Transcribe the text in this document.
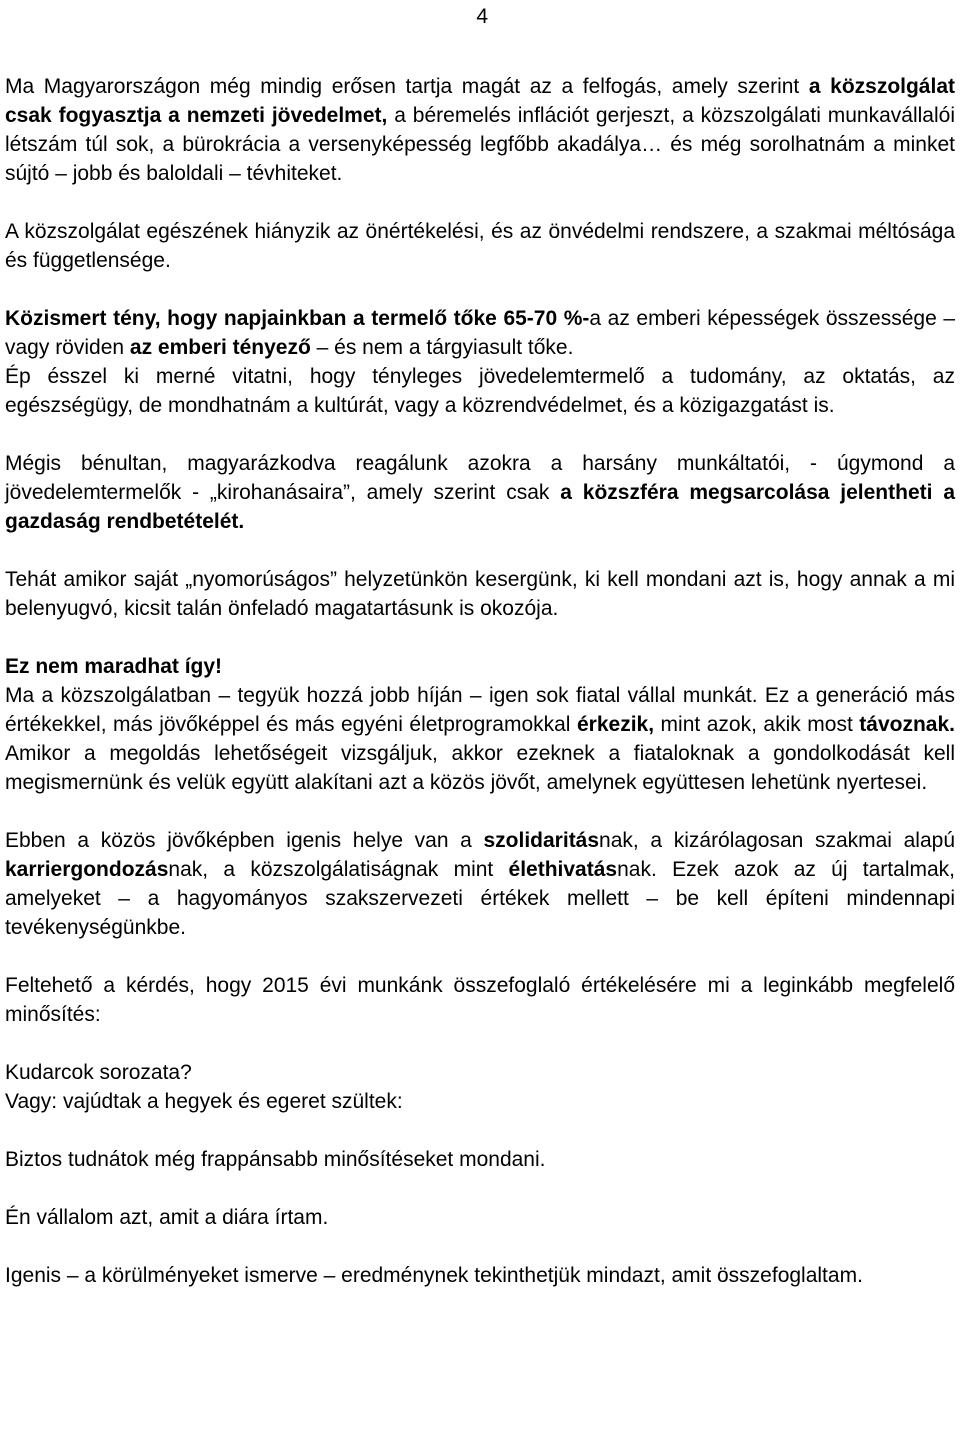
4

Ma Magyarországon még mindig erősen tartja magát az a felfogás, amely szerint a közszolgálat csak fogyasztja a nemzeti jövedelmet, a béremelés inflációt gerjeszt, a közszolgálati munkavállalói létszám túl sok, a bürokrácia a versenyképesség legfőbb akadálya… és még sorolhatnám a minket sújtó – jobb és baloldali – tévhiteket.

A közszolgálat egészének hiányzik az önértékelési, és az önvédelmi rendszere, a szakmai méltósága és függetlensége.

Közismert tény, hogy napjainkban a termelő tőke 65-70 %-a az emberi képességek összessége – vagy röviden az emberi tényező – és nem a tárgyiasult tőke.

Ép ésszel ki merné vitatni, hogy tényleges jövedelemtermelő a tudomány, az oktatás, az egészségügy, de mondhatnám a kultúrát, vagy a közrendvédelmet, és a közigazgatást is.

Mégis bénultan, magyarázkodva reagálunk azokra a harsány munkáltatói, - úgymond a jövedelemtermelők - „kirohanásaira”, amely szerint csak a közszféra megsarcolása jelentheti a gazdaság rendbetételét.

Tehát amikor saját „nyomorúságos” helyzetünkön kesergünk, ki kell mondani azt is, hogy annak a mi belenyugvó, kicsit talán önfeladó magatartásunk is okozója.

Ez nem maradhat így!

Ma a közszolgálatban – tegyük hozzá jobb híján – igen sok fiatal vállal munkát. Ez a generáció más értékekkel, más jövőképpel és más egyéni életprogramokkal érkezik, mint azok, akik most távoznak. Amikor a megoldás lehetőségeit vizsgáljuk, akkor ezeknek a fiataloknak a gondolkodását kell megismernünk és velük együtt alakítani azt a közös jövőt, amelynek együttesen lehetünk nyertesei.

Ebben a közös jövőképben igenis helye van a szolidaritásnak, a kizárólagosan szakmai alapú karriergondozásnak, a közszolgálatiságnak mint élethivatásnak. Ezek azok az új tartalmak, amelyeket – a hagyományos szakszervezeti értékek mellett – be kell építeni mindennapi tevékenységünkbe.

Feltehető a kérdés, hogy 2015 évi munkánk összefoglaló értékelésére mi a leginkább megfelelő minősítés:

Kudarcok sorozata?

Vagy: vajúdtak a hegyek és egeret szültek:

Biztos tudnátok még frappánsabb minősítéseket mondani.

Én vállalom azt, amit a diára írtam.

Igenis – a körülményeket ismerve – eredménynek tekinthetjük mindazt, amit összefoglaltam.
